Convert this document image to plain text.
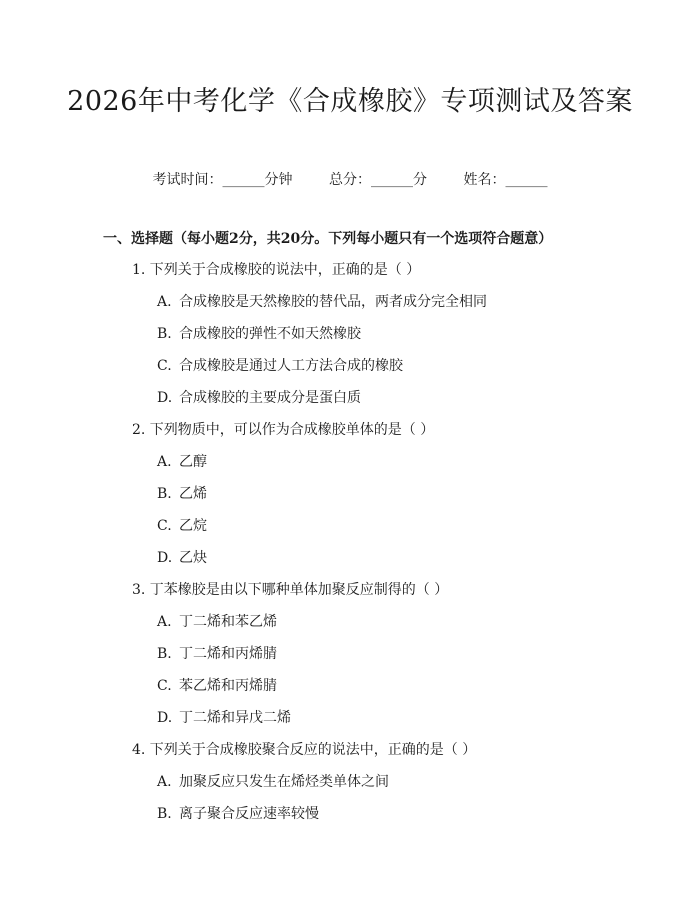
2026年中考化学《合成橡胶》专项测试及答案
考试时间：______分钟	总分：______分	姓名：______
一、选择题（每小题2分，共20分。下列每小题只有一个选项符合题意）
1. 下列关于合成橡胶的说法中，正确的是（ ）
A. 合成橡胶是天然橡胶的替代品，两者成分完全相同
B. 合成橡胶的弹性不如天然橡胶
C. 合成橡胶是通过人工方法合成的橡胶
D. 合成橡胶的主要成分是蛋白质
2. 下列物质中，可以作为合成橡胶单体的是（ ）
A. 乙醇
B. 乙烯
C. 乙烷
D. 乙炔
3. 丁苯橡胶是由以下哪种单体加聚反应制得的（ ）
A. 丁二烯和苯乙烯
B. 丁二烯和丙烯腈
C. 苯乙烯和丙烯腈
D. 丁二烯和异戊二烯
4. 下列关于合成橡胶聚合反应的说法中，正确的是（ ）
A. 加聚反应只发生在烯烃类单体之间
B. 离子聚合反应速率较慢
